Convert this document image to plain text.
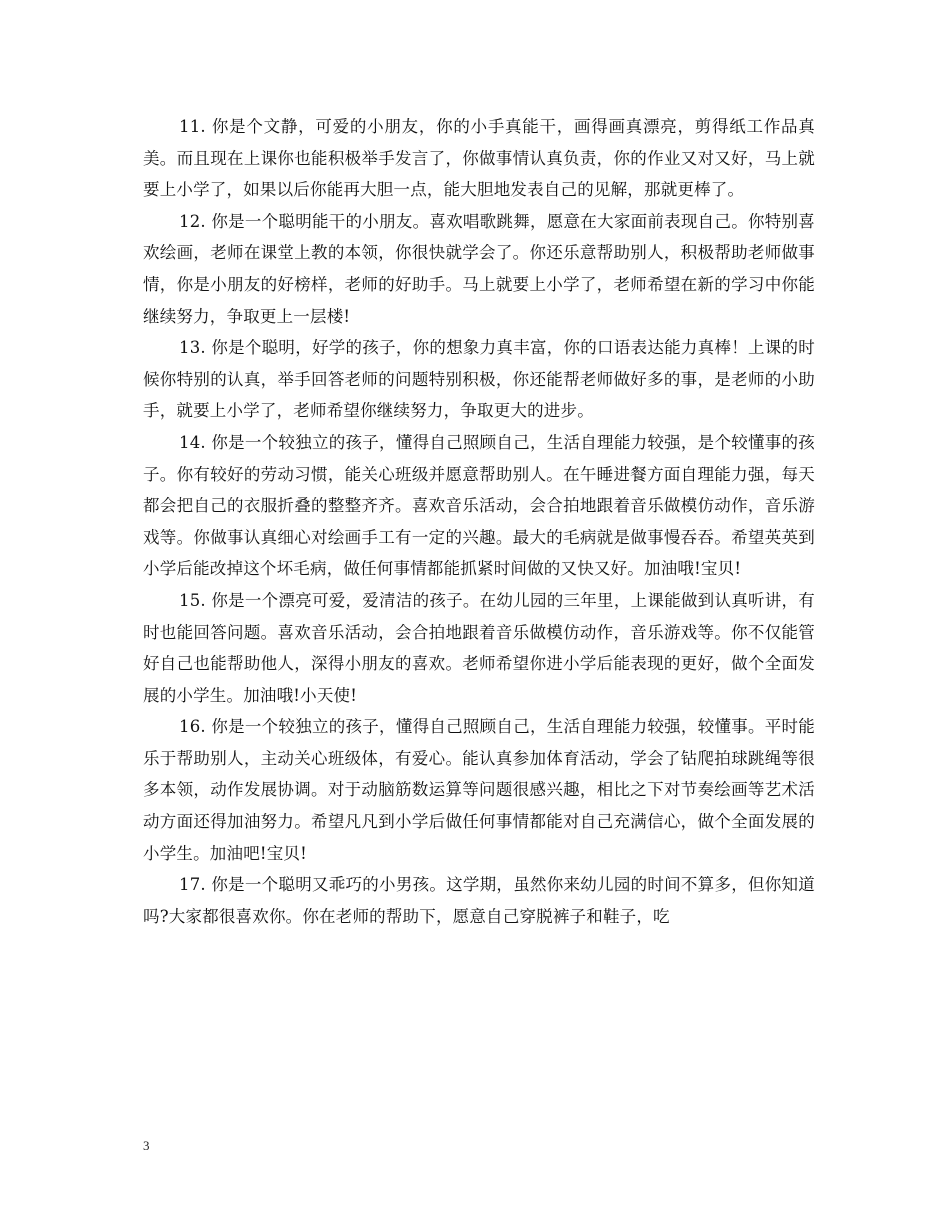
11. 你是个文静，可爱的小朋友，你的小手真能干，画得画真漂亮，剪得纸工作品真美。而且现在上课你也能积极举手发言了，你做事情认真负责，你的作业又对又好，马上就要上小学了，如果以后你能再大胆一点，能大胆地发表自己的见解，那就更棒了。

12. 你是一个聪明能干的小朋友。喜欢唱歌跳舞，愿意在大家面前表现自己。你特别喜欢绘画，老师在课堂上教的本领，你很快就学会了。你还乐意帮助别人，积极帮助老师做事情，你是小朋友的好榜样，老师的好助手。马上就要上小学了，老师希望在新的学习中你能继续努力，争取更上一层楼!

13. 你是个聪明，好学的孩子，你的想象力真丰富，你的口语表达能力真棒！上课的时候你特别的认真，举手回答老师的问题特别积极，你还能帮老师做好多的事，是老师的小助手，就要上小学了，老师希望你继续努力，争取更大的进步。

14. 你是一个较独立的孩子，懂得自己照顾自己，生活自理能力较强，是个较懂事的孩子。你有较好的劳动习惯，能关心班级并愿意帮助别人。在午睡进餐方面自理能力强，每天都会把自己的衣服折叠的整整齐齐。喜欢音乐活动，会合拍地跟着音乐做模仿动作，音乐游戏等。你做事认真细心对绘画手工有一定的兴趣。最大的毛病就是做事慢吞吞。希望英英到小学后能改掉这个坏毛病，做任何事情都能抓紧时间做的又快又好。加油哦!宝贝!

15. 你是一个漂亮可爱，爱清洁的孩子。在幼儿园的三年里，上课能做到认真听讲，有时也能回答问题。喜欢音乐活动，会合拍地跟着音乐做模仿动作，音乐游戏等。你不仅能管好自己也能帮助他人，深得小朋友的喜欢。老师希望你进小学后能表现的更好，做个全面发展的小学生。加油哦!小天使!

16. 你是一个较独立的孩子，懂得自己照顾自己，生活自理能力较强，较懂事。平时能乐于帮助别人，主动关心班级体，有爱心。能认真参加体育活动，学会了钻爬拍球跳绳等很多本领，动作发展协调。对于动脑筋数运算等问题很感兴趣，相比之下对节奏绘画等艺术活动方面还得加油努力。希望凡凡到小学后做任何事情都能对自己充满信心，做个全面发展的小学生。加油吧!宝贝!

17. 你是一个聪明又乖巧的小男孩。这学期，虽然你来幼儿园的时间不算多，但你知道吗?大家都很喜欢你。你在老师的帮助下，愿意自己穿脱裤子和鞋子，吃

3
